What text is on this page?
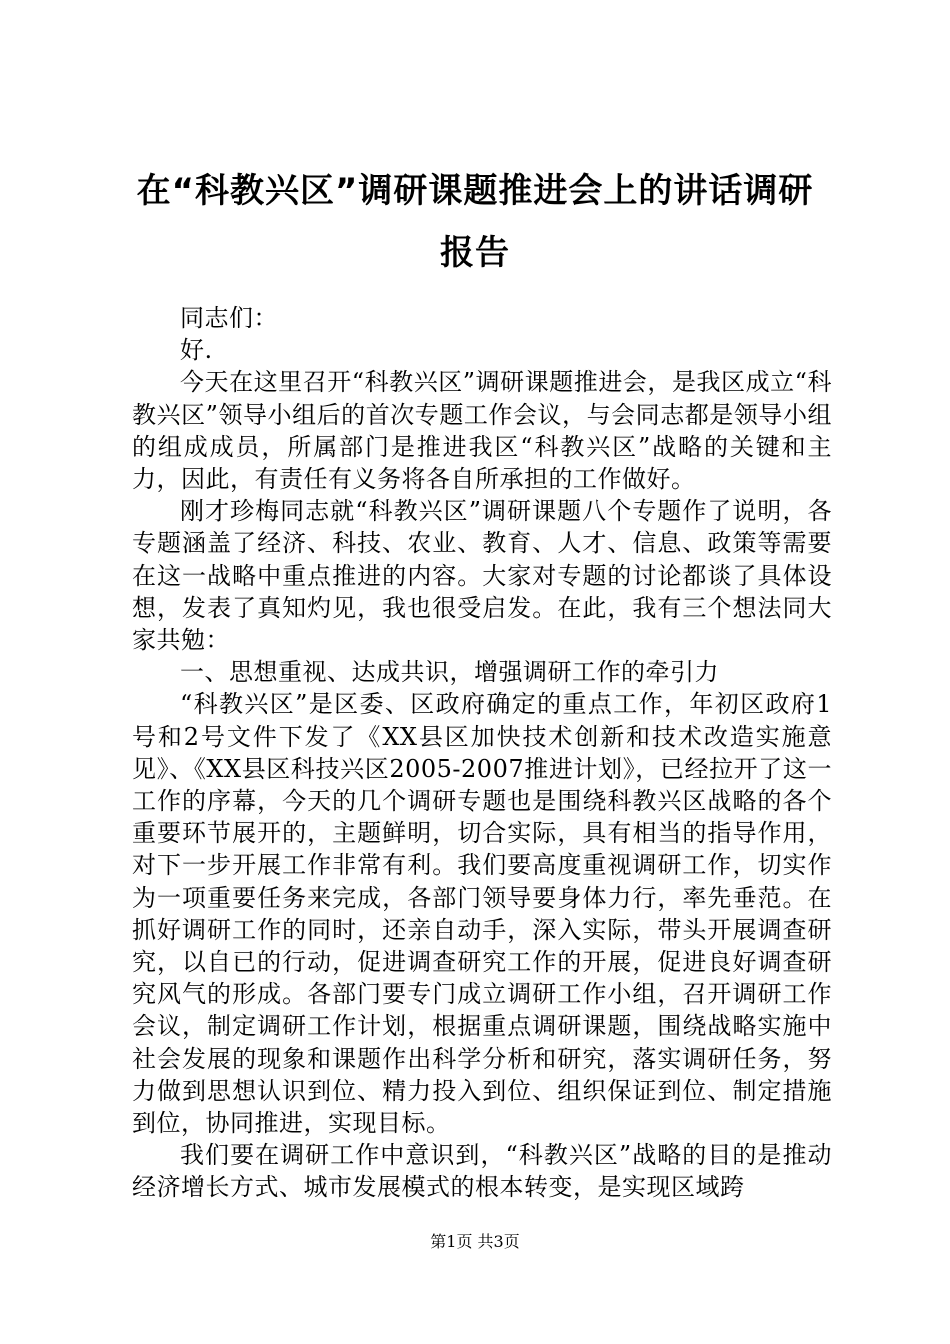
在“科教兴区”调研课题推进会上的讲话调研报告

同志们：

好.

今天在这里召开“科教兴区”调研课题推进会，是我区成立“科教兴区”领导小组后的首次专题工作会议，与会同志都是领导小组的组成成员，所属部门是推进我区“科教兴区”战略的关键和主力，因此，有责任有义务将各自所承担的工作做好。

刚才珍梅同志就“科教兴区”调研课题八个专题作了说明，各专题涵盖了经济、科技、农业、教育、人才、信息、政策等需要在这一战略中重点推进的内容。大家对专题的讨论都谈了具体设想，发表了真知灼见，我也很受启发。在此，我有三个想法同大家共勉：

一、思想重视、达成共识，增强调研工作的牵引力

“科教兴区”是区委、区政府确定的重点工作，年初区政府1号和2号文件下发了《XX县区加快技术创新和技术改造实施意见》、《XX县区科技兴区2005-2007推进计划》，已经拉开了这一工作的序幕，今天的几个调研专题也是围绕科教兴区战略的各个重要环节展开的，主题鲜明，切合实际，具有相当的指导作用，对下一步开展工作非常有利。我们要高度重视调研工作，切实作为一项重要任务来完成，各部门领导要身体力行，率先垂范。在抓好调研工作的同时，还亲自动手，深入实际，带头开展调查研究，以自已的行动，促进调查研究工作的开展，促进良好调查研究风气的形成。各部门要专门成立调研工作小组，召开调研工作会议，制定调研工作计划，根据重点调研课题，围绕战略实施中社会发展的现象和课题作出科学分析和研究，落实调研任务，努力做到思想认识到位、精力投入到位、组织保证到位、制定措施到位，协同推进，实现目标。

我们要在调研工作中意识到，“科教兴区”战略的目的是推动经济增长方式、城市发展模式的根本转变，是实现区域跨

第1页 共3页
